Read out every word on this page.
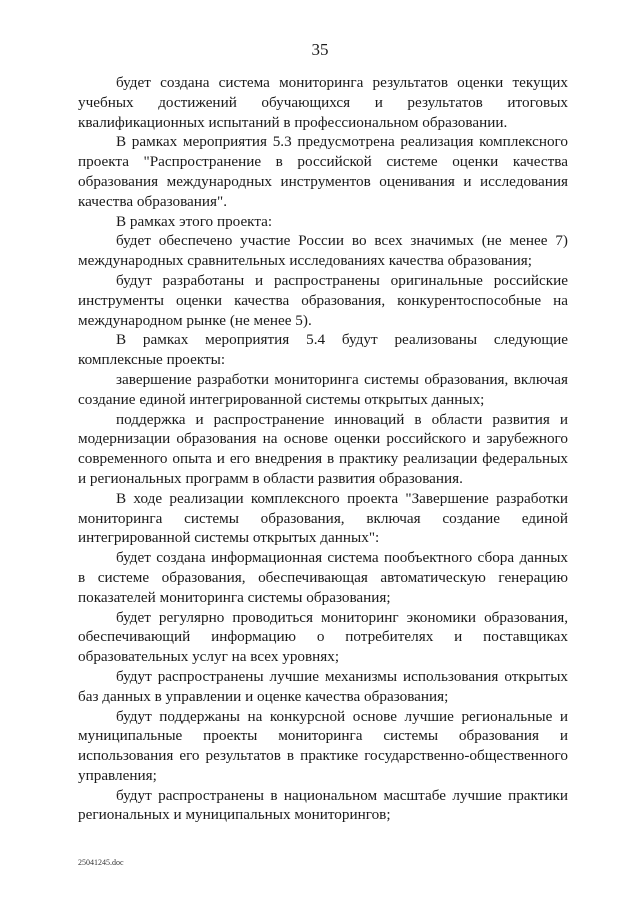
35

будет создана система мониторинга результатов оценки текущих учебных достижений обучающихся и результатов итоговых квалификационных испытаний в профессиональном образовании.

В рамках мероприятия 5.3 предусмотрена реализация комплексного проекта "Распространение в российской системе оценки качества образования международных инструментов оценивания и исследования качества образования".

В рамках этого проекта:

будет обеспечено участие России во всех значимых (не менее 7) международных сравнительных исследованиях качества образования;

будут разработаны и распространены оригинальные российские инструменты оценки качества образования, конкурентоспособные на международном рынке (не менее 5).

В рамках мероприятия 5.4 будут реализованы следующие комплексные проекты:

завершение разработки мониторинга системы образования, включая создание единой интегрированной системы открытых данных;

поддержка и распространение инноваций в области развития и модернизации образования на основе оценки российского и зарубежного современного опыта и его внедрения в практику реализации федеральных и региональных программ в области развития образования.

В ходе реализации комплексного проекта "Завершение разработки мониторинга системы образования, включая создание единой интегрированной системы открытых данных":

будет создана информационная система пообъектного сбора данных в системе образования, обеспечивающая автоматическую генерацию показателей мониторинга системы образования;

будет регулярно проводиться мониторинг экономики образования, обеспечивающий информацию о потребителях и поставщиках образовательных услуг на всех уровнях;

будут распространены лучшие механизмы использования открытых баз данных в управлении и оценке качества образования;

будут поддержаны на конкурсной основе лучшие региональные и муниципальные проекты мониторинга системы образования и использования его результатов в практике государственно-общественного управления;

будут распространены в национальном масштабе лучшие практики региональных и муниципальных мониторингов;

25041245.doc
